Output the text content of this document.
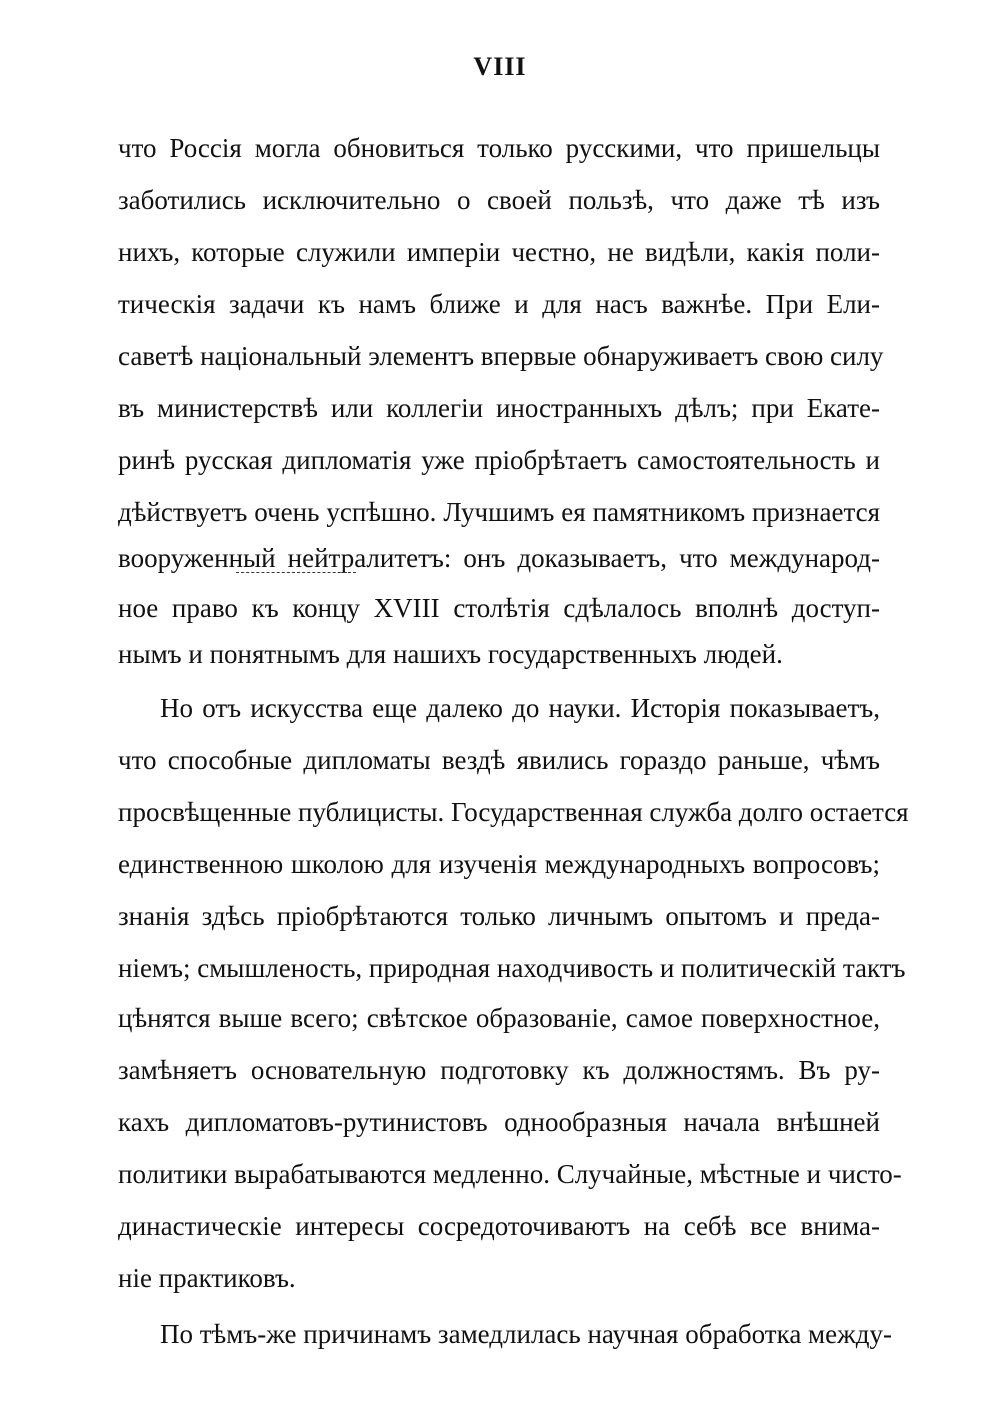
VIII
что Россія могла обновиться только русскими, что пришельцы
заботились исключительно о своей пользѣ, что даже тѣ изъ
нихъ, которые служили имперіи честно, не видѣли, какія поли-
тическія задачи къ намъ ближе и для насъ важнѣе. При Ели-
саветѣ національный элементъ впервые обнаруживаетъ свою силу
въ министерствѣ или коллегіи иностранныхъ дѣлъ; при Екате-
ринѣ русская дипломатія уже пріобрѣтаетъ самостоятельность и
дѣйствуетъ очень успѣшно. Лучшимъ ея памятникомъ признается
вооруженный нейтралитетъ: онъ доказываетъ, что международ-
ное право къ концу XVIII столѣтія сдѣлалось вполнѣ доступ-
нымъ и понятнымъ для нашихъ государственныхъ людей.
Но отъ искусства еще далеко до науки. Исторія показываетъ,
что способные дипломаты вездѣ явились гораздо раньше, чѣмъ
просвѣщенные публицисты. Государственная служба долго остается
единственною школою для изученія международныхъ вопросовъ;
знанія здѣсь пріобрѣтаются только личнымъ опытомъ и преда-
ніемъ; смышленость, природная находчивость и политическій тактъ
цѣнятся выше всего; свѣтское образованіе, самое поверхностное,
замѣняетъ основательную подготовку къ должностямъ. Въ ру-
кахъ дипломатовъ-рутинистовъ однообразныя начала внѣшней
политики вырабатываются медленно. Случайные, мѣстные и чисто-
династическіе интересы сосредоточиваютъ на себѣ все внима-
ніе практиковъ.
По тѣмъ-же причинамъ замедлилась научная обработка между-
